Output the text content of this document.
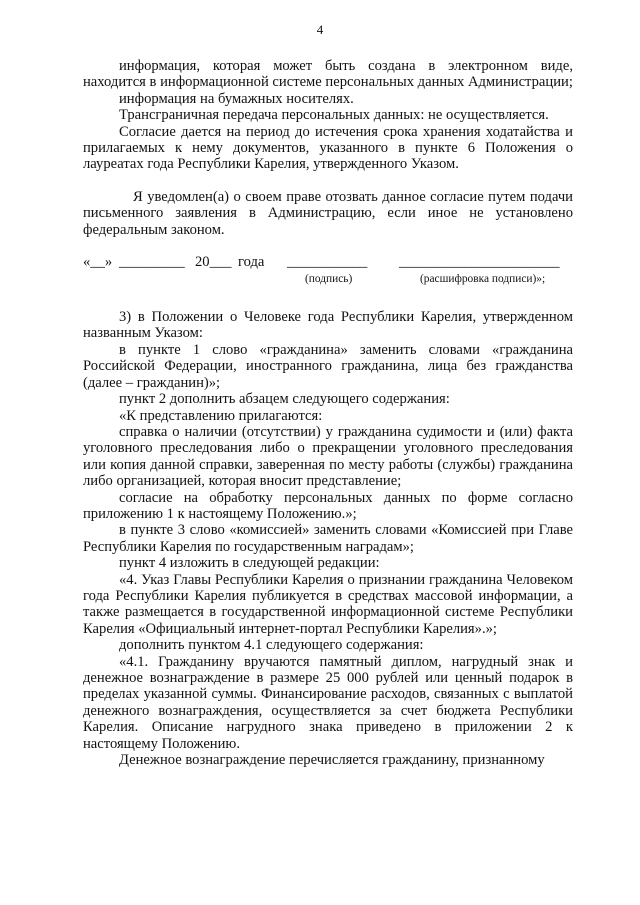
4

информация, которая может быть создана в электронном виде, находится в информационной системе персональных данных Администрации;

информация на бумажных носителях.

Трансграничная передача персональных данных: не осуществляется.

Согласие дается на период до истечения срока хранения ходатайства и прилагаемых к нему документов, указанного в пункте 6 Положения о лауреатах года Республики Карелия, утвержденного Указом.

Я уведомлен(а) о своем праве отозвать данное согласие путем подачи письменного заявления в Администрацию, если иное не установлено федеральным законом.

«__» _________ 20___ года ___________ ______________________
(подпись)	(расшифровка подписи)»;

3) в Положении о Человеке года Республики Карелия, утвержденном названным Указом:

в пункте 1 слово «гражданина» заменить словами «гражданина Российской Федерации, иностранного гражданина, лица без гражданства (далее – гражданин)»;

пункт 2 дополнить абзацем следующего содержания:

«К представлению прилагаются:

справка о наличии (отсутствии) у гражданина судимости и (или) факта уголовного преследования либо о прекращении уголовного преследования или копия данной справки, заверенная по месту работы (службы) гражданина либо организацией, которая вносит представление;

согласие на обработку персональных данных по форме согласно приложению 1 к настоящему Положению.»;

в пункте 3 слово «комиссией» заменить словами «Комиссией при Главе Республики Карелия по государственным наградам»;

пункт 4 изложить в следующей редакции:

«4. Указ Главы Республики Карелия о признании гражданина Человеком года Республики Карелия публикуется в средствах массовой информации, а также размещается в государственной информационной системе Республики Карелия «Официальный интернет-портал Республики Карелия».»;

дополнить пунктом 4.1 следующего содержания:

«4.1. Гражданину вручаются памятный диплом, нагрудный знак и денежное вознаграждение в размере 25 000 рублей или ценный подарок в пределах указанной суммы. Финансирование расходов, связанных с выплатой денежного вознаграждения, осуществляется за счет бюджета Республики Карелия. Описание нагрудного знака приведено в приложении 2 к настоящему Положению.

Денежное вознаграждение перечисляется гражданину, признанному
